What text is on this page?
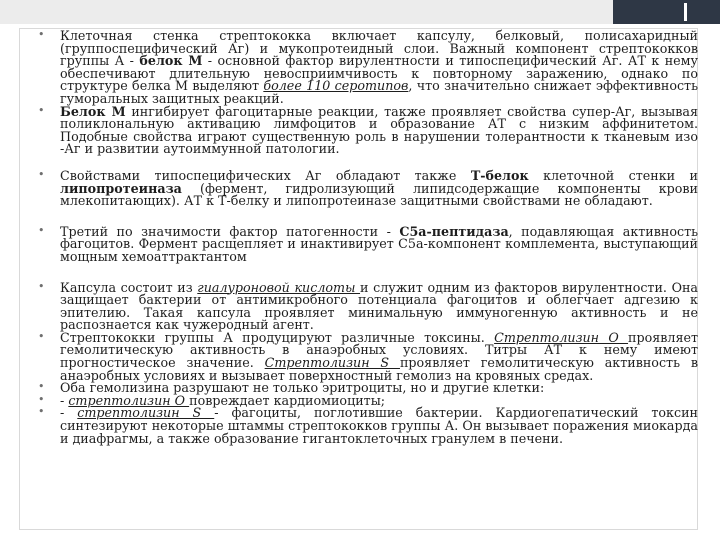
• Клеточная стенка стрептококка включает капсулу, белковый, полисахаридный (группоспецифический Аг) и мукопротеидный слои. Важный компонент стрептококков группы А - белок М - основной фактор вирулентности и типоспецифический Аг. АТ к нему обеспечивают длительную невосприимчивость к повторному заражению, однако по структуре белка М выделяют более 110 серотипов, что значительно снижает эффективность гуморальных защитных реакций.
• Белок М ингибирует фагоцитарные реакции, также проявляет свойства супер-Аг, вызывая поликлональную активацию лимфоцитов и образование АТ с низким аффинитетом. Подобные свойства играют существенную роль в нарушении толерантности к тканевым изо -Аг и развитии аутоиммунной патологии.
• Свойствами типоспецифических Аг обладают также Т-белок клеточной стенки и липопротеиназа (фермент, гидролизующий липидсодержащие компоненты крови млекопитающих). АТ к Т-белку и липопротеиназе защитными свойствами не обладают.
• Третий по значимости фактор патогенности - С5а-пептидаза, подавляющая активность фагоцитов. Фермент расщепляет и инактивирует С5а-компонент комплемента, выступающий мощным хемоаттрактантом
• Капсула состоит из гиалуроновой кислоты и служит одним из факторов вирулентности. Она защищает бактерии от антимикробного потенциала фагоцитов и облегчает адгезию к эпителию. Такая капсула проявляет минимальную иммуногенную активность и не распознается как чужеродный агент.
• Стрептококки группы А продуцируют различные токсины. Стрептолизин О проявляет гемолитическую активность в анаэробных условиях. Титры АТ к нему имеют прогностическое значение. Стрептолизин S проявляет гемолитическую активность в анаэробных условиях и вызывает поверхностный гемолиз на кровяных средах.
• Оба гемолизина разрушают не только эритроциты, но и другие клетки:
• - стрептолизин О повреждает кардиомиоциты;
• - стрептолизин S - фагоциты, поглотившие бактерии. Кардиогепатический токсин синтезируют некоторые штаммы стрептококков группы А. Он вызывает поражения миокарда и диафрагмы, а также образование гигантоклеточных гранулем в печени.
